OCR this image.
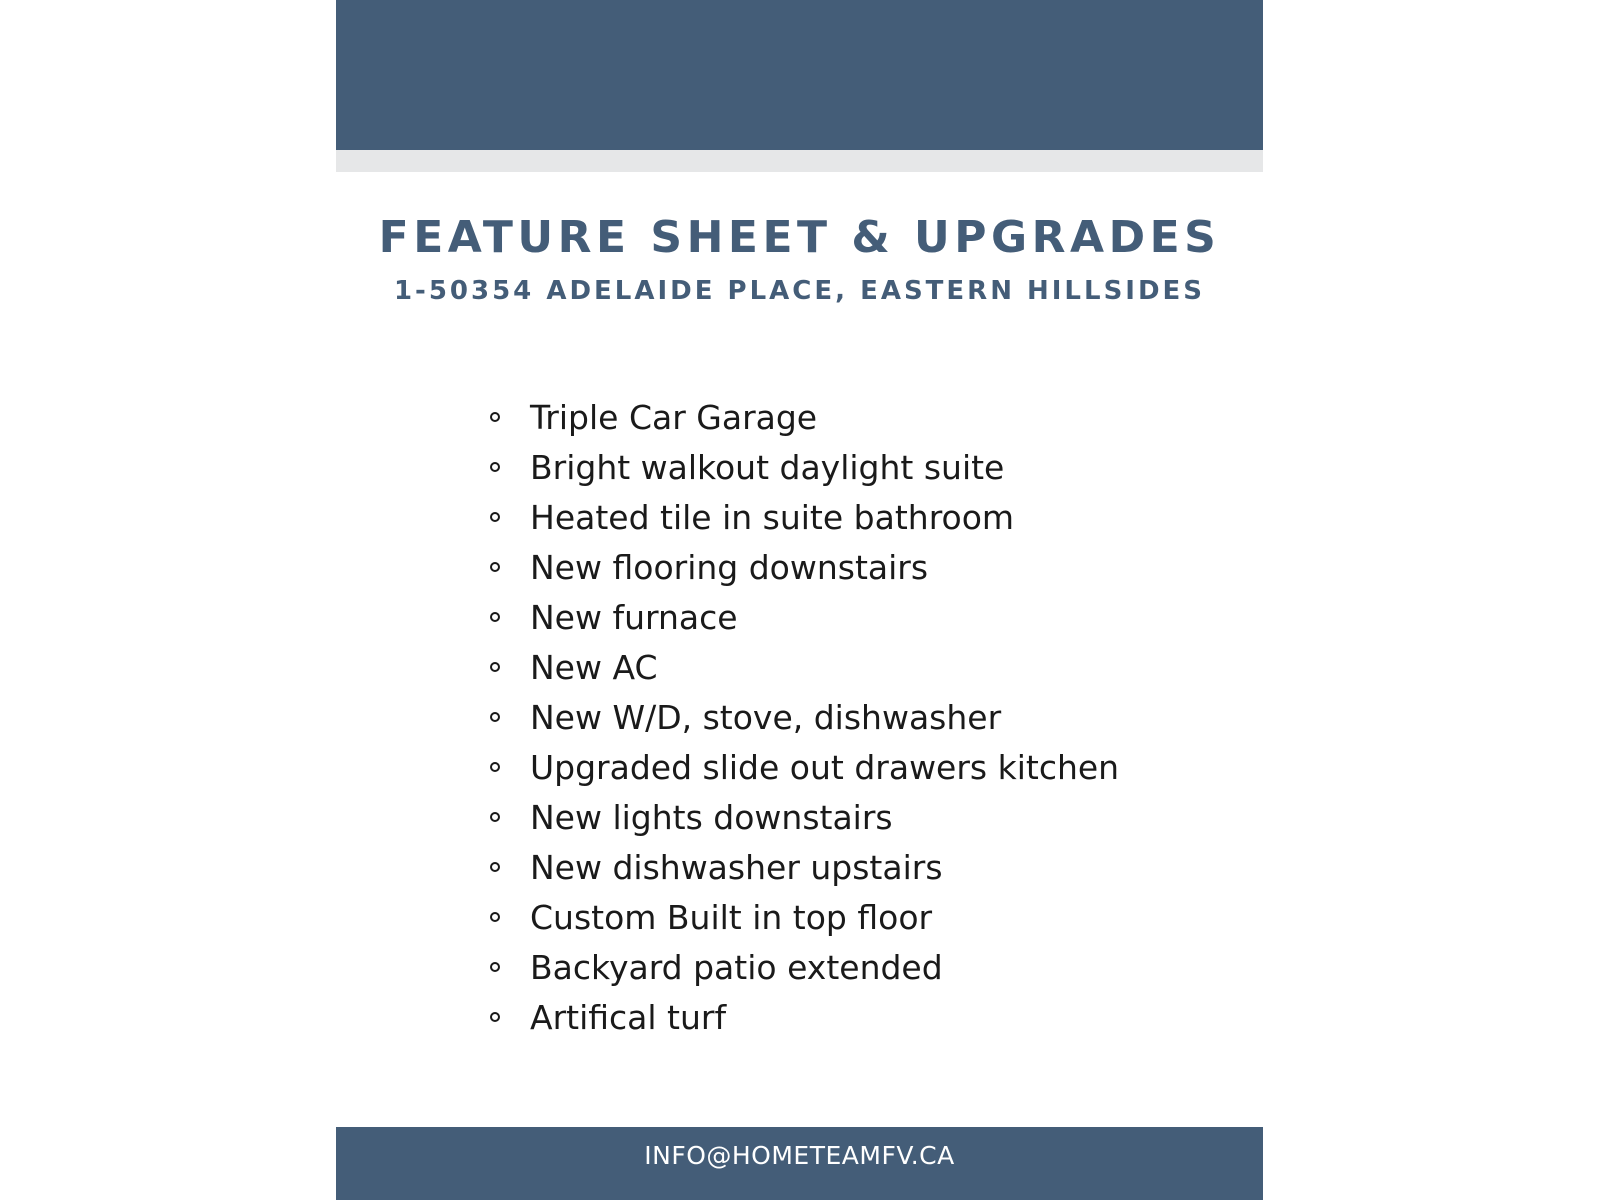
FEATURE SHEET & UPGRADES
1-50354 ADELAIDE PLACE, EASTERN HILLSIDES
Triple Car Garage
Bright walkout daylight suite
Heated tile in suite bathroom
New flooring downstairs
New furnace
New AC
New W/D, stove, dishwasher
Upgraded slide out drawers kitchen
New lights downstairs
New dishwasher upstairs
Custom Built in top floor
Backyard patio extended
Artifical turf
INFO@HOMETEAMFV.CA
